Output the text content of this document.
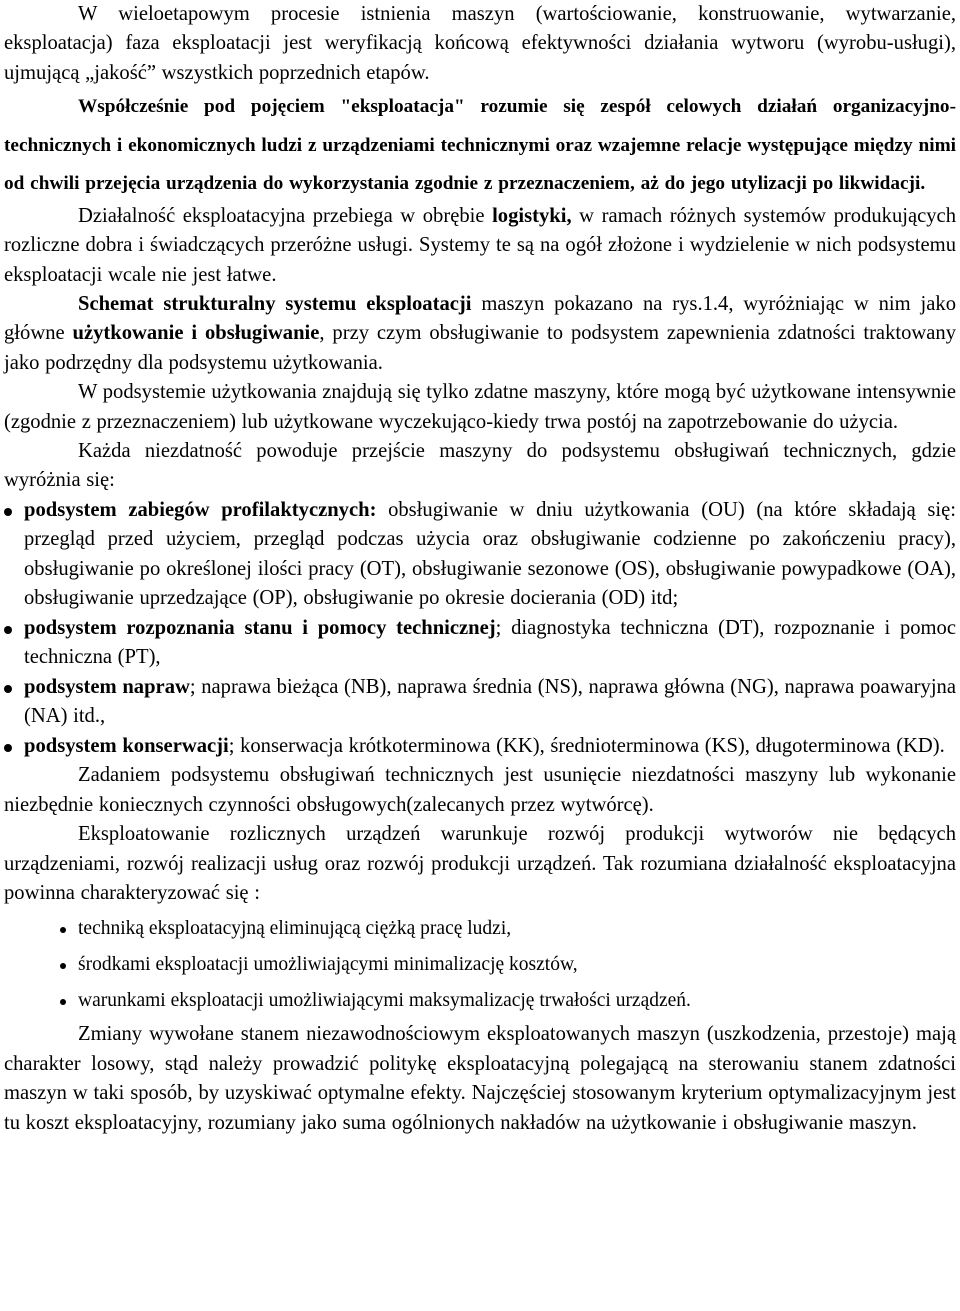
W wieloetapowym procesie istnienia maszyn (wartościowanie, konstruowanie, wytwarzanie, eksploatacja) faza eksploatacji jest weryfikacją końcową efektywności działania wytworu (wyrobu-usługi), ujmującą „jakość” wszystkich poprzednich etapów.

Współcześnie pod pojęciem "eksploatacja" rozumie się zespół celowych działań organizacyjno-technicznych i ekonomicznych ludzi z urządzeniami technicznymi oraz wzajemne relacje występujące między nimi od chwili przejęcia urządzenia do wykorzystania zgodnie z przeznaczeniem, aż do jego utylizacji po likwidacji.

Działalność eksploatacyjna przebiega w obrębie logistyki, w ramach różnych systemów produkujących rozliczne dobra i świadczących przeróżne usługi. Systemy te są na ogół złożone i wydzielenie w nich podsystemu eksploatacji wcale nie jest łatwe.

Schemat strukturalny systemu eksploatacji maszyn pokazano na rys.1.4, wyróżniając w nim jako główne użytkowanie i obsługiwanie, przy czym obsługiwanie to podsystem zapewnienia zdatności traktowany jako podrzędny dla podsystemu użytkowania.

W podsystemie użytkowania znajdują się tylko zdatne maszyny, które mogą być użytkowane intensywnie (zgodnie z przeznaczeniem) lub użytkowane wyczekująco-kiedy trwa postój na zapotrzebowanie do użycia.

Każda niezdatność powoduje przejście maszyny do podsystemu obsługiwań technicznych, gdzie wyróżnia się:

podsystem zabiegów profilaktycznych: obsługiwanie w dniu użytkowania (OU) (na które składają się: przegląd przed użyciem, przegląd podczas użycia oraz obsługiwanie codzienne po zakończeniu pracy), obsługiwanie po określonej ilości pracy (OT), obsługiwanie sezonowe (OS), obsługiwanie powypadkowe (OA), obsługiwanie uprzedzające (OP), obsługiwanie po okresie docierania (OD) itd;
podsystem rozpoznania stanu i pomocy technicznej; diagnostyka techniczna (DT), rozpoznanie i pomoc techniczna (PT),
podsystem napraw; naprawa bieżąca (NB), naprawa średnia (NS), naprawa główna (NG), naprawa poawaryjna (NA) itd.,
podsystem konserwacji; konserwacja krótkoterminowa (KK), średnioterminowa (KS), długoterminowa (KD).

Zadaniem podsystemu obsługiwań technicznych jest usunięcie niezdatności maszyny lub wykonanie niezbędnie koniecznych czynności obsługowych(zalecanych przez wytwórcę).

Eksploatowanie rozlicznych urządzeń warunkuje rozwój produkcji wytworów nie będących urządzeniami, rozwój realizacji usług oraz rozwój produkcji urządzeń. Tak rozumiana działalność eksploatacyjna powinna charakteryzować się :

techniką eksploatacyjną eliminującą ciężką pracę ludzi,
środkami eksploatacji umożliwiającymi minimalizację kosztów,
warunkami eksploatacji umożliwiającymi maksymalizację trwałości urządzeń.

Zmiany wywołane stanem niezawodnościowym eksploatowanych maszyn (uszkodzenia, przestoje) mają charakter losowy, stąd należy prowadzić politykę eksploatacyjną polegającą na sterowaniu stanem zdatności maszyn w taki sposób, by uzyskiwać optymalne efekty. Najczęściej stosowanym kryterium optymalizacyjnym jest tu koszt eksploatacyjny, rozumiany jako suma ogólnionych nakładów na użytkowanie i obsługiwanie maszyn.
